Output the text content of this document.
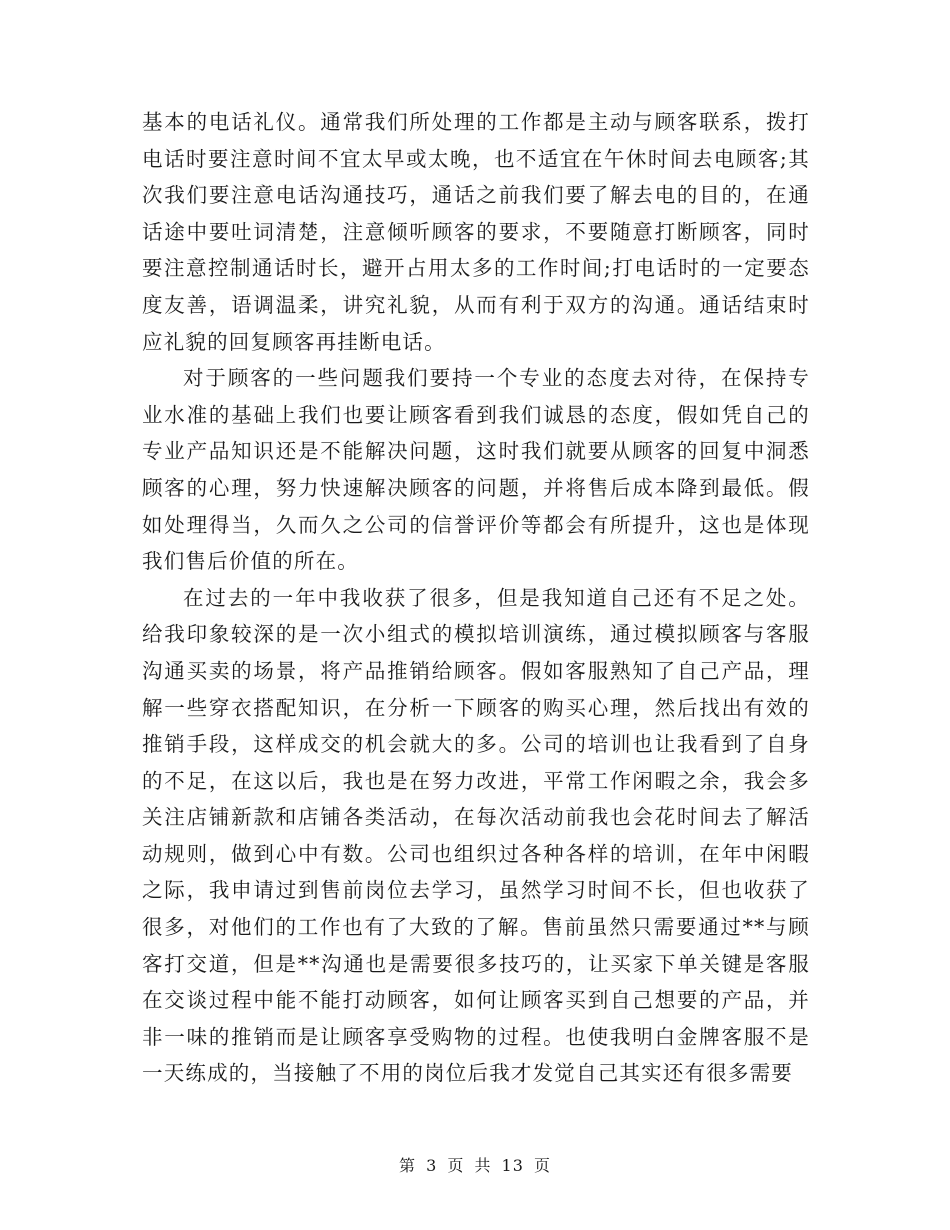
基本的电话礼仪。通常我们所处理的工作都是主动与顾客联系，拨打电话时要注意时间不宜太早或太晚，也不适宜在午休时间去电顾客;其次我们要注意电话沟通技巧，通话之前我们要了解去电的目的，在通话途中要吐词清楚，注意倾听顾客的要求，不要随意打断顾客，同时要注意控制通话时长，避开占用太多的工作时间;打电话时的一定要态度友善，语调温柔，讲究礼貌，从而有利于双方的沟通。通话结束时应礼貌的回复顾客再挂断电话。

对于顾客的一些问题我们要持一个专业的态度去对待，在保持专业水准的基础上我们也要让顾客看到我们诚恳的态度，假如凭自己的专业产品知识还是不能解决问题，这时我们就要从顾客的回复中洞悉顾客的心理，努力快速解决顾客的问题，并将售后成本降到最低。假如处理得当，久而久之公司的信誉评价等都会有所提升，这也是体现我们售后价值的所在。

在过去的一年中我收获了很多，但是我知道自己还有不足之处。给我印象较深的是一次小组式的模拟培训演练，通过模拟顾客与客服沟通买卖的场景，将产品推销给顾客。假如客服熟知了自己产品，理解一些穿衣搭配知识，在分析一下顾客的购买心理，然后找出有效的推销手段，这样成交的机会就大的多。公司的培训也让我看到了自身的不足，在这以后，我也是在努力改进，平常工作闲暇之余，我会多关注店铺新款和店铺各类活动，在每次活动前我也会花时间去了解活动规则，做到心中有数。公司也组织过各种各样的培训，在年中闲暇之际，我申请过到售前岗位去学习，虽然学习时间不长，但也收获了很多，对他们的工作也有了大致的了解。售前虽然只需要通过**与顾客打交道，但是**沟通也是需要很多技巧的，让买家下单关键是客服在交谈过程中能不能打动顾客，如何让顾客买到自己想要的产品，并非一味的推销而是让顾客享受购物的过程。也使我明白金牌客服不是一天练成的，当接触了不用的岗位后我才发觉自己其实还有很多需要

第 3 页 共 13 页
